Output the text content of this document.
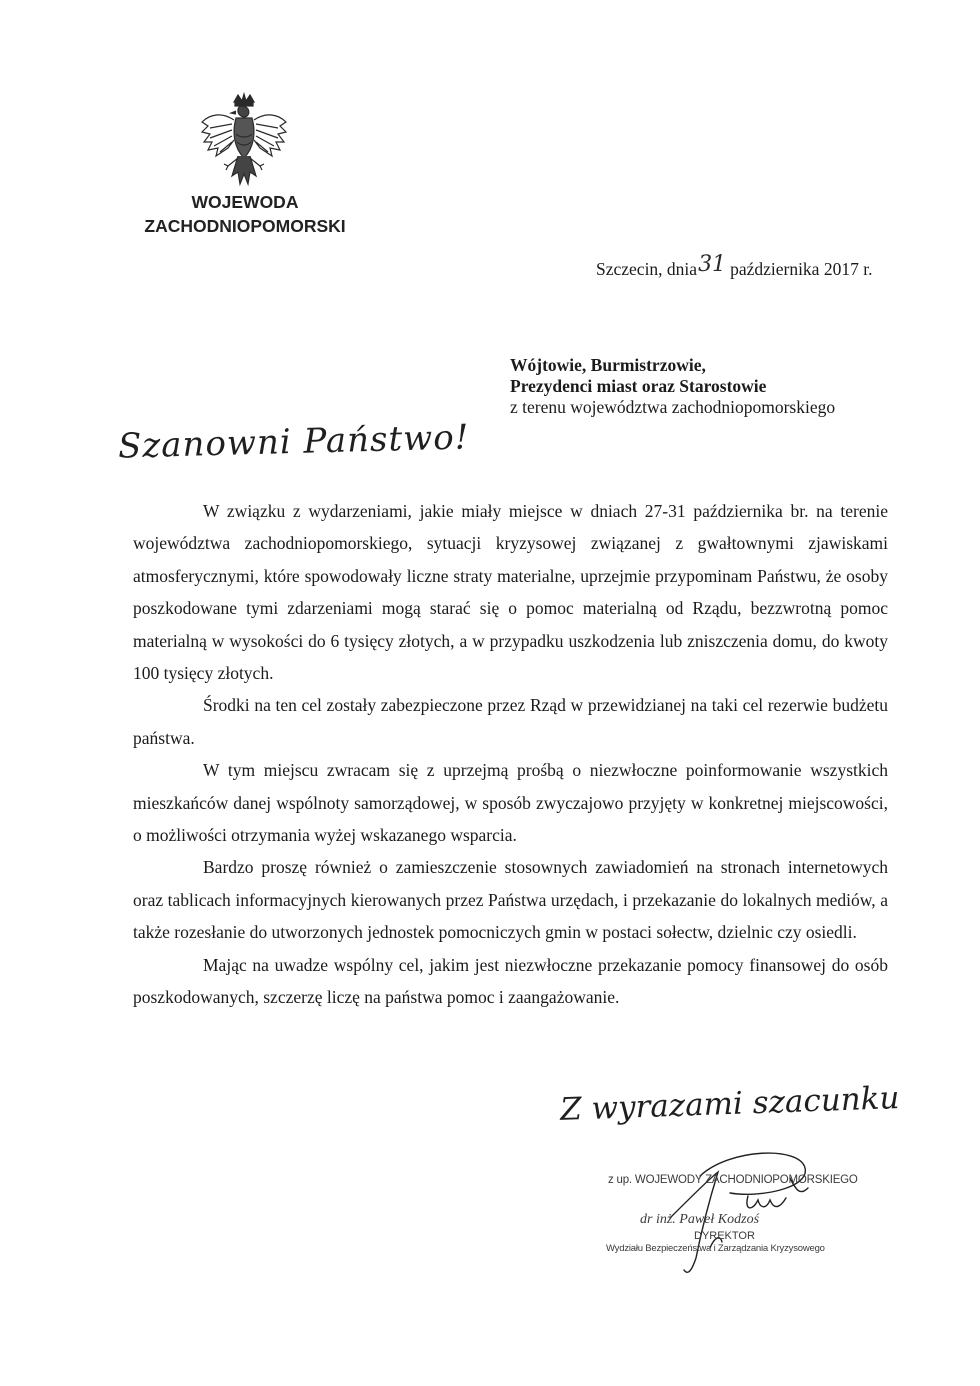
WOJEWODA
ZACHODNIOPOMORSKI
Szczecin, dnia31 października 2017 r.
Wójtowie, Burmistrzowie,
Prezydenci miast oraz Starostowie
z terenu województwa zachodniopomorskiego
Szanowni Państwo!

W związku z wydarzeniami, jakie miały miejsce w dniach 27-31 października br. na terenie województwa zachodniopomorskiego, sytuacji kryzysowej związanej z gwałtownymi zjawiskami atmosferycznymi, które spowodowały liczne straty materialne, uprzejmie przypominam Państwu, że osoby poszkodowane tymi zdarzeniami mogą starać się o pomoc materialną od Rządu, bezzwrotną pomoc materialną w wysokości do 6 tysięcy złotych, a w przypadku uszkodzenia lub zniszczenia domu, do kwoty 100 tysięcy złotych.

Środki na ten cel zostały zabezpieczone przez Rząd w przewidzianej na taki cel rezerwie budżetu państwa.

W tym miejscu zwracam się z uprzejmą prośbą o niezwłoczne poinformowanie wszystkich mieszkańców danej wspólnoty samorządowej, w sposób zwyczajowo przyjęty w konkretnej miejscowości, o możliwości otrzymania wyżej wskazanego wsparcia.

Bardzo proszę również o zamieszczenie stosownych zawiadomień na stronach internetowych oraz tablicach informacyjnych kierowanych przez Państwa urzędach, i przekazanie do lokalnych mediów, a także rozesłanie do utworzonych jednostek pomocniczych gmin w postaci sołectw, dzielnic czy osiedli.

Mając na uwadze wspólny cel, jakim jest niezwłoczne przekazanie pomocy finansowej do osób poszkodowanych, szczerzę liczę na państwa pomoc i zaangażowanie.

Z wyrazami szacunku
z up. WOJEWODY ZACHODNIOPOMORSKIEGO
dr inż. Paweł Kodzoś
DYREKTOR
Wydziału Bezpieczeństwa i Zarządzania Kryzysowego
